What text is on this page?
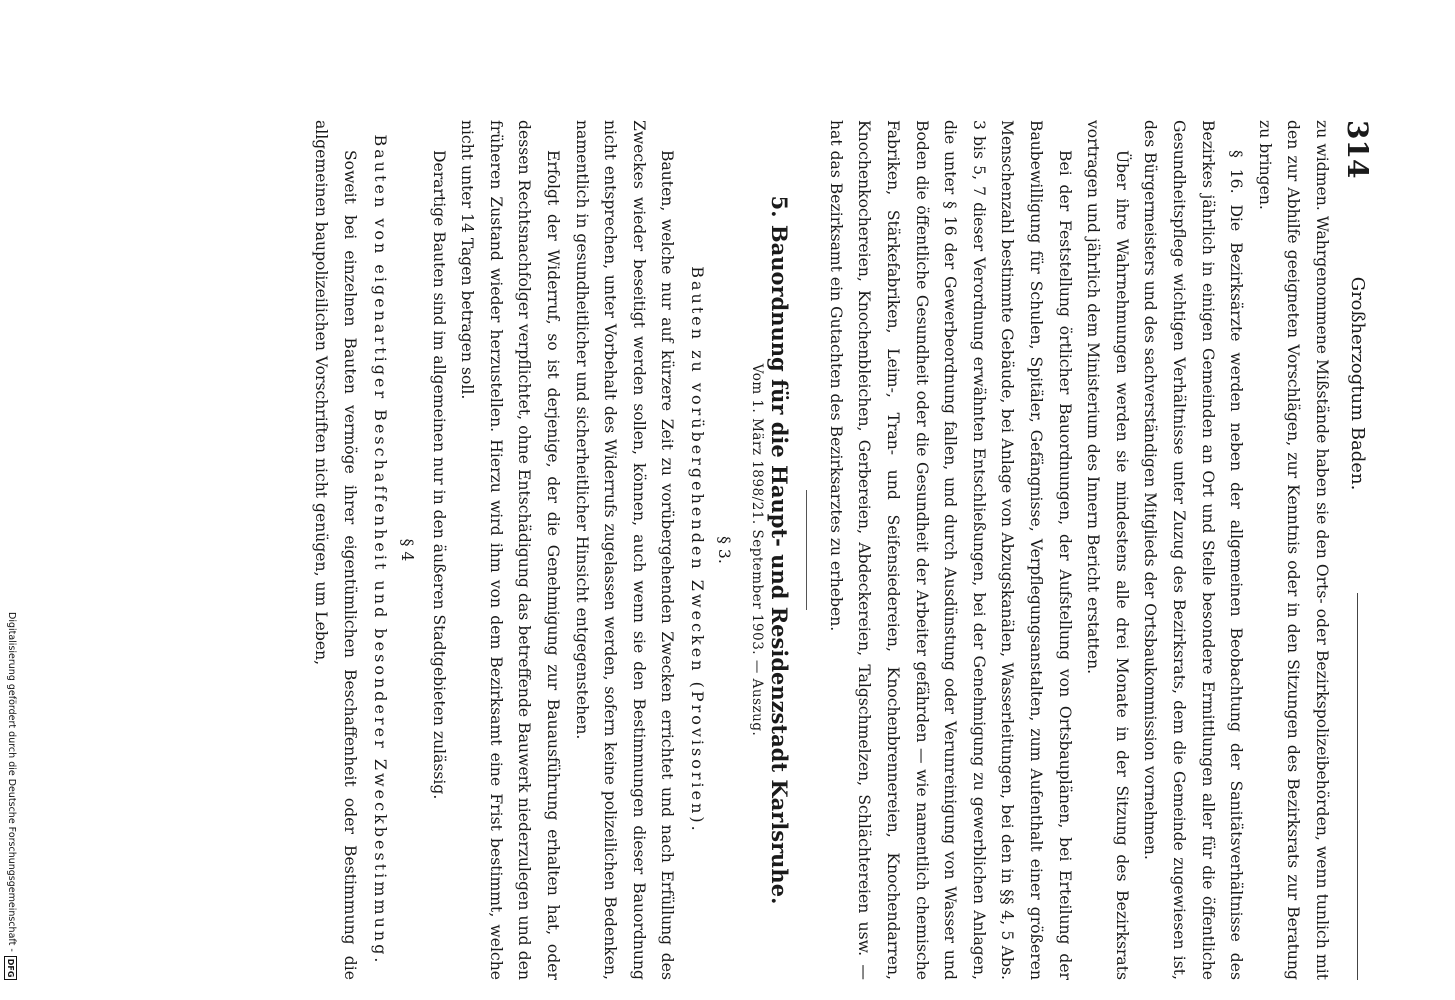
314
Großherzogtum Baden.

zu widmen. Wahrgenommene Mißstände haben sie den Orts- oder Bezirkspolizeibehörden, wenn tunlich mit den zur Abhilfe geeigneten Vorschlägen, zur Kenntnis oder in den Sitzungen des Bezirksrats zur Beratung zu bringen.

§ 16. Die Bezirksärzte werden neben der allgemeinen Beobachtung der Sanitätsverhältnisse des Bezirkes jährlich in einigen Gemeinden an Ort und Stelle besondere Ermittlungen aller für die öffentliche Gesundheitspflege wichtigen Verhältnisse unter Zuzug des Bezirksrats, dem die Gemeinde zugewiesen ist, des Bürgermeisters und des sachverständigen Mitglieds der Ortsbaukommission vornehmen.

Über ihre Wahrnehmungen werden sie mindestens alle drei Monate in der Sitzung des Bezirksrats vortragen und jährlich dem Ministerium des Innern Bericht erstatten.

Bei der Feststellung örtlicher Bauordnungen, der Aufstellung von Ortsbauplänen, bei Erteilung der Baubewilligung für Schulen, Spitäler, Gefängnisse, Verpflegungsanstalten, zum Aufenthalt einer größeren Menschenzahl bestimmte Gebäude, bei Anlage von Abzugskanälen, Wasserleitungen, bei den in §§ 4, 5 Abs. 3 bis 5, 7 dieser Verordnung erwähnten Entschließungen, bei der Genehmigung zu gewerblichen Anlagen, die unter § 16 der Gewerbeordnung fallen, und durch Ausdünstung oder Verunreinigung von Wasser und Boden die öffentliche Gesundheit oder die Gesundheit der Arbeiter gefährden — wie namentlich chemische Fabriken, Stärkefabriken, Leim-, Tran- und Seifensiedereien, Knochenbrennereien, Knochendarren, Knochenkochereien, Knochenbleichen, Gerbereien, Abdeckereien, Talgschmelzen, Schlächtereien usw. — hat das Bezirksamt ein Gutachten des Bezirksarztes zu erheben.

5. Bauordnung für die Haupt- und Residenzstadt Karlsruhe.

Vom 1. März 1898/21. September 1903. — Auszug.

§ 3.

Bauten zu vorübergehenden Zwecken (Provisorien).

Bauten, welche nur auf kürzere Zeit zu vorübergehenden Zwecken errichtet und nach Erfüllung des Zweckes wieder beseitigt werden sollen, können, auch wenn sie den Bestimmungen dieser Bauordnung nicht entsprechen, unter Vorbehalt des Widerrufs zugelassen werden, sofern keine polizeilichen Bedenken, namentlich in gesundheitlicher und sicherheitlicher Hinsicht entgegenstehen.

Erfolgt der Widerruf, so ist derjenige, der die Genehmigung zur Bauausführung erhalten hat, oder dessen Rechtsnachfolger verpflichtet, ohne Entschädigung das betreffende Bauwerk niederzulegen und den früheren Zustand wieder herzustellen. Hierzu wird ihm von dem Bezirksamt eine Frist bestimmt, welche nicht unter 14 Tagen betragen soll.

Derartige Bauten sind im allgemeinen nur in den äußeren Stadtgebieten zulässig.

§ 4

Bauten von eigenartiger Beschaffenheit und besonderer Zweckbestimmung.

Soweit bei einzelnen Bauten vermöge ihrer eigentümlichen Beschaffenheit oder Bestimmung die allgemeinen baupolizeilichen Vorschriften nicht genügen, um Leben,

Digitalisierung gefördert durch die Deutsche Forschungsgemeinschaft -
DFG
